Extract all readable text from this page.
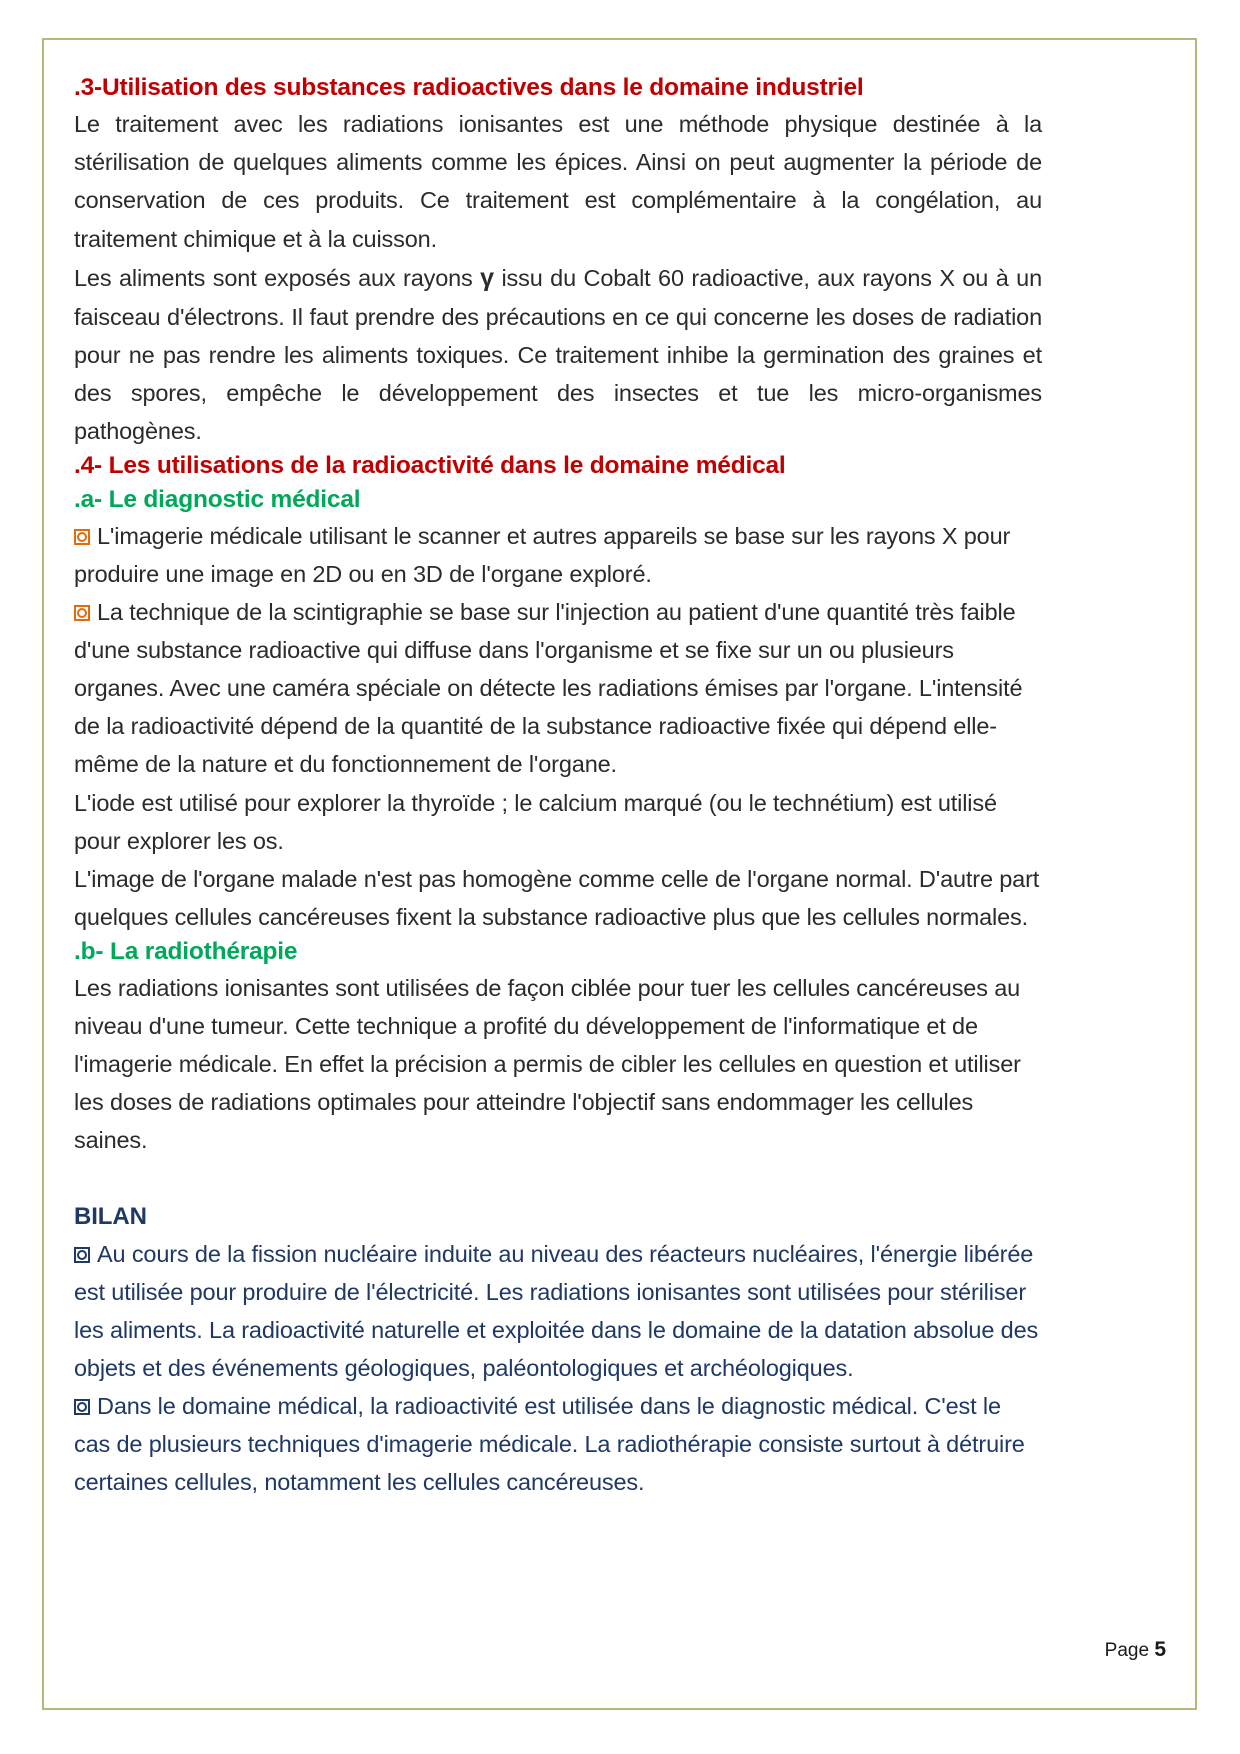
.3-Utilisation des substances radioactives dans le domaine industriel

Le traitement avec les radiations ionisantes est une méthode physique destinée à la stérilisation de quelques aliments comme les épices. Ainsi on peut augmenter la période de conservation de ces produits. Ce traitement est complémentaire à la congélation, au traitement chimique et à la cuisson.

Les aliments sont exposés aux rayons γ issu du Cobalt 60 radioactive, aux rayons X ou à un faisceau d'électrons. Il faut prendre des précautions en ce qui concerne les doses de radiation pour ne pas rendre les aliments toxiques. Ce traitement inhibe la germination des graines et des spores, empêche le développement des insectes et tue les micro-organismes pathogènes.

.4- Les utilisations de la radioactivité dans le domaine médical
.a- Le diagnostic médical

L'imagerie médicale utilisant le scanner et autres appareils se base sur les rayons X pour produire une image en 2D ou en 3D de l'organe exploré.

La technique de la scintigraphie se base sur l'injection au patient d'une quantité très faible d'une substance radioactive qui diffuse dans l'organisme et se fixe sur un ou plusieurs organes. Avec une caméra spéciale on détecte les radiations émises par l'organe. L'intensité de la radioactivité dépend de la quantité de la substance radioactive fixée qui dépend elle-même de la nature et du fonctionnement de l'organe.

L'iode est utilisé pour explorer la thyroïde ; le calcium marqué (ou le technétium) est utilisé pour explorer les os.

L'image de l'organe malade n'est pas homogène comme celle de l'organe normal. D'autre part quelques cellules cancéreuses fixent la substance radioactive plus que les cellules normales.

.b- La radiothérapie

Les radiations ionisantes sont utilisées de façon ciblée pour tuer les cellules cancéreuses au niveau d'une tumeur. Cette technique a profité du développement de l'informatique et de l'imagerie médicale. En effet la précision a permis de cibler les cellules en question et utiliser les doses de radiations optimales pour atteindre l'objectif sans endommager les cellules saines.

BILAN

Au cours de la fission nucléaire induite au niveau des réacteurs nucléaires, l'énergie libérée est utilisée pour produire de l'électricité. Les radiations ionisantes sont utilisées pour stériliser les aliments. La radioactivité naturelle et exploitée dans le domaine de la datation absolue des objets et des événements géologiques, paléontologiques et archéologiques.

Dans le domaine médical, la radioactivité est utilisée dans le diagnostic médical. C'est le cas de plusieurs techniques d'imagerie médicale. La radiothérapie consiste surtout à détruire certaines cellules, notamment les cellules cancéreuses.

Page 5
